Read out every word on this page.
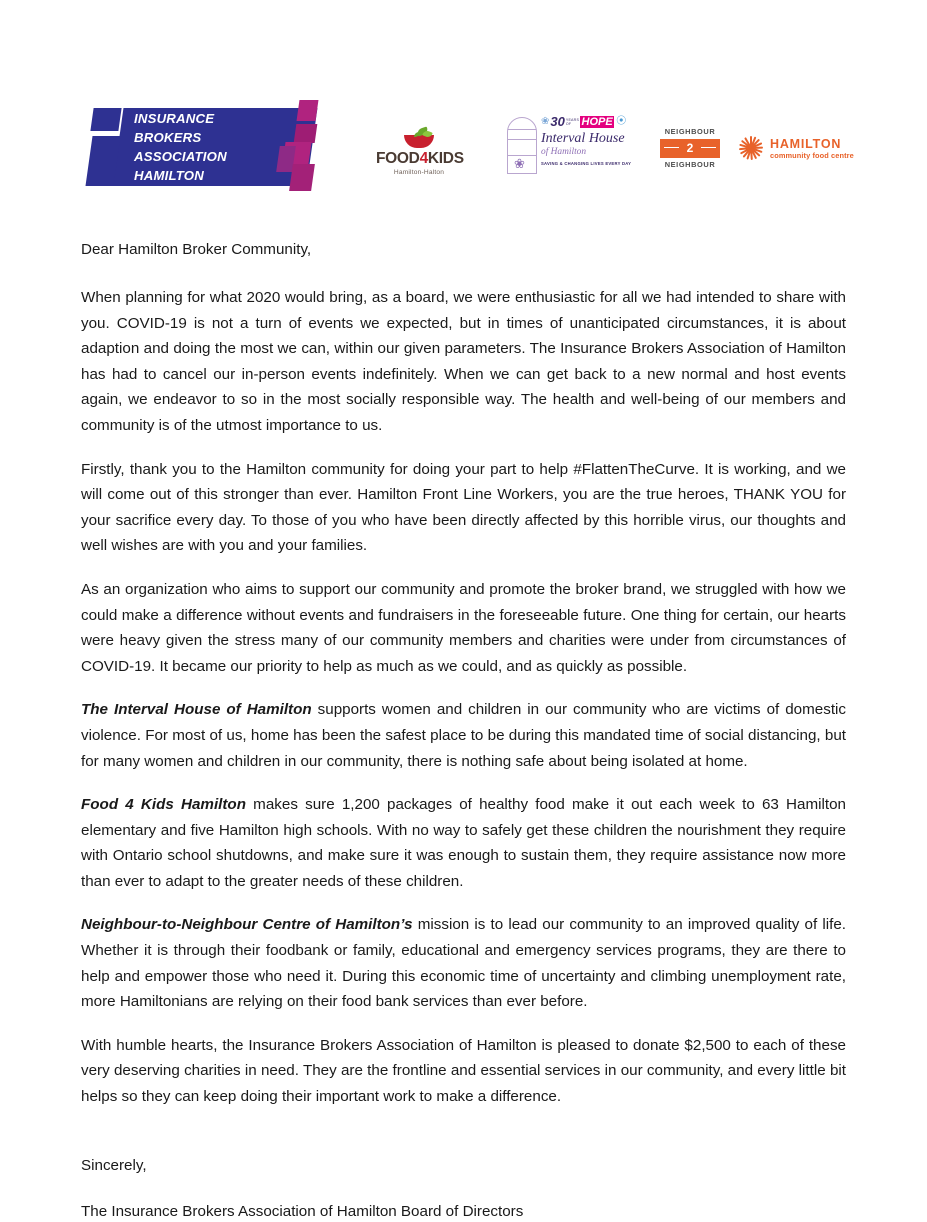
INSURANCE
BROKERS
ASSOCIATION
HAMILTON
FOOD4KIDS
Hamilton-Halton
❀
❀ 30 YEARS OF HOPE ⦿
Interval House
of Hamilton
SAVING & CHANGING LIVES EVERY DAY
NEIGHBOUR
2
NEIGHBOUR
HAMILTON
community food centre
Dear Hamilton Broker Community,
When planning for what 2020 would bring, as a board, we were enthusiastic for all we had intended to share with you. COVID-19 is not a turn of events we expected, but in times of unanticipated circumstances, it is about adaption and doing the most we can, within our given parameters. The Insurance Brokers Association of Hamilton has had to cancel our in-person events indefinitely. When we can get back to a new normal and host events again, we endeavor to so in the most socially responsible way. The health and well-being of our members and community is of the utmost importance to us.
Firstly, thank you to the Hamilton community for doing your part to help #FlattenTheCurve. It is working, and we will come out of this stronger than ever. Hamilton Front Line Workers, you are the true heroes, THANK YOU for your sacrifice every day. To those of you who have been directly affected by this horrible virus, our thoughts and well wishes are with you and your families.
As an organization who aims to support our community and promote the broker brand, we struggled with how we could make a difference without events and fundraisers in the foreseeable future. One thing for certain, our hearts were heavy given the stress many of our community members and charities were under from circumstances of COVID-19. It became our priority to help as much as we could, and as quickly as possible.
The Interval House of Hamilton supports women and children in our community who are victims of domestic violence. For most of us, home has been the safest place to be during this mandated time of social distancing, but for many women and children in our community, there is nothing safe about being isolated at home.
Food 4 Kids Hamilton makes sure 1,200 packages of healthy food make it out each week to 63 Hamilton elementary and five Hamilton high schools. With no way to safely get these children the nourishment they require with Ontario school shutdowns, and make sure it was enough to sustain them, they require assistance now more than ever to adapt to the greater needs of these children.
Neighbour-to-Neighbour Centre of Hamilton’s mission is to lead our community to an improved quality of life. Whether it is through their foodbank or family, educational and emergency services programs, they are there to help and empower those who need it. During this economic time of uncertainty and climbing unemployment rate, more Hamiltonians are relying on their food bank services than ever before.
With humble hearts, the Insurance Brokers Association of Hamilton is pleased to donate $2,500 to each of these very deserving charities in need. They are the frontline and essential services in our community, and every little bit helps so they can keep doing their important work to make a difference.
Sincerely,
The Insurance Brokers Association of Hamilton Board of Directors
